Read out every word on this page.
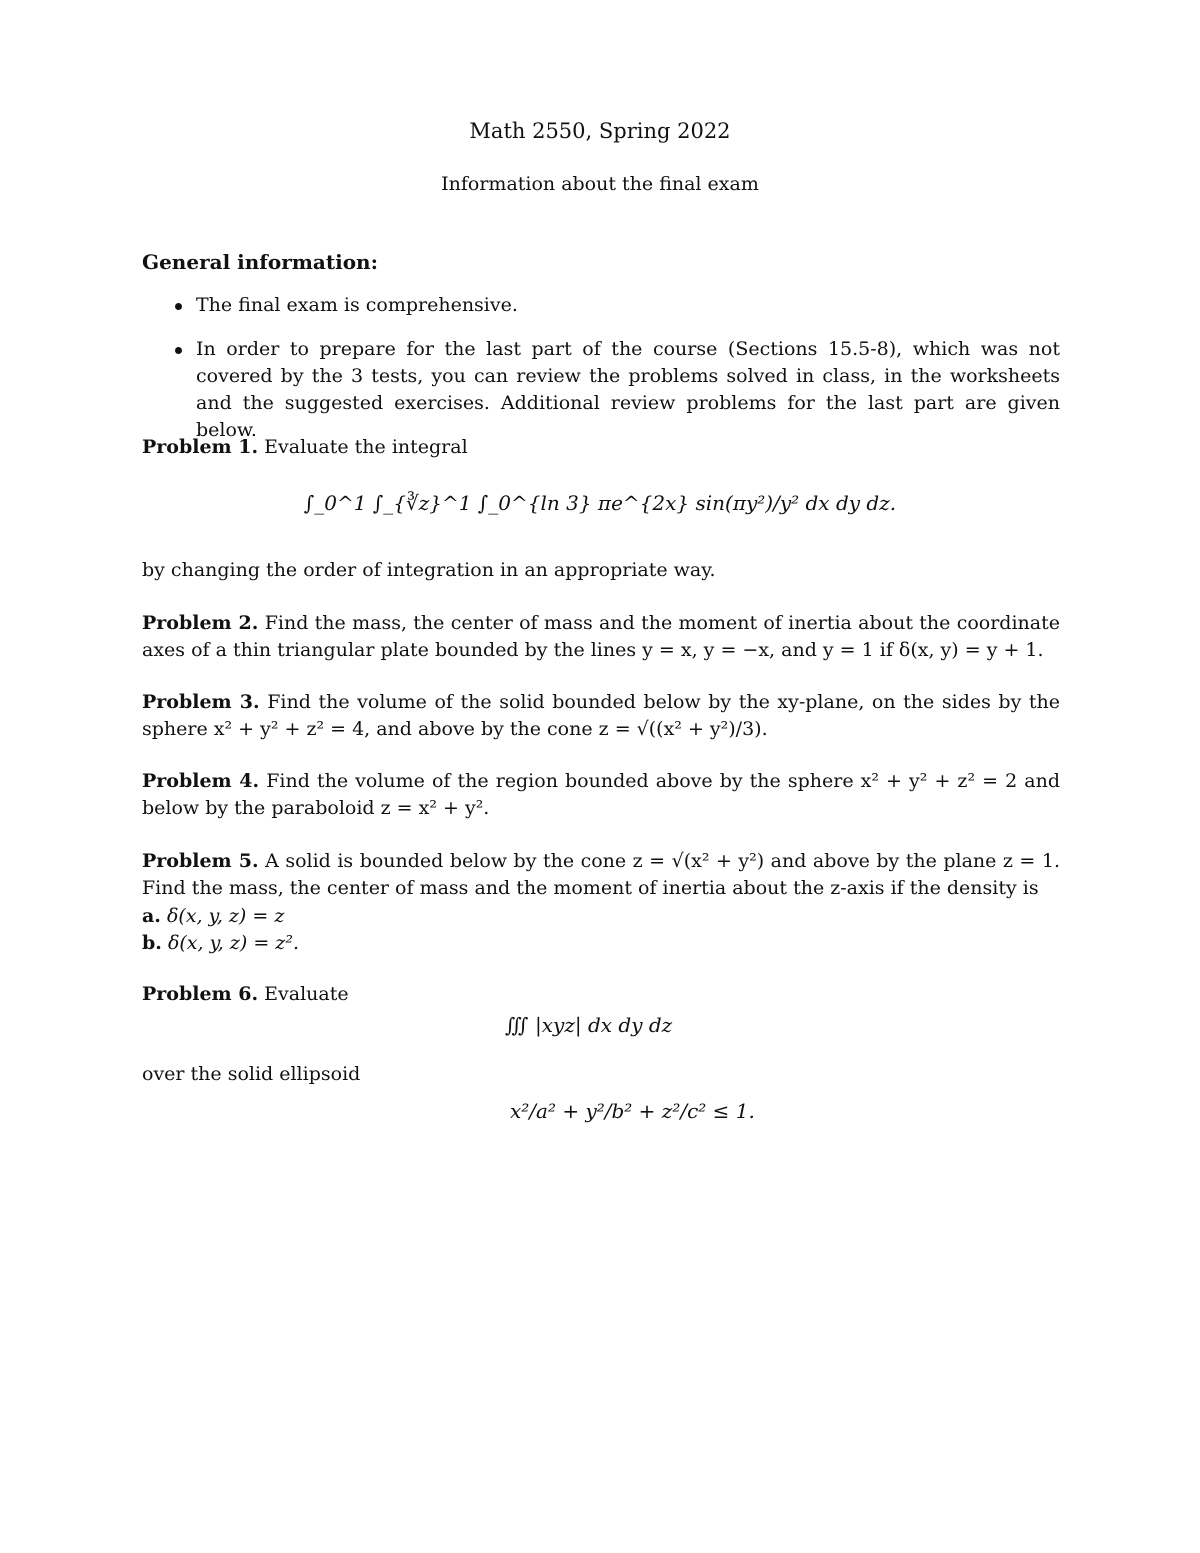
Math 2550, Spring 2022
Information about the final exam
General information:
The final exam is comprehensive.
In order to prepare for the last part of the course (Sections 15.5-8), which was not covered by the 3 tests, you can review the problems solved in class, in the worksheets and the suggested exercises. Additional review problems for the last part are given below.
Problem 1. Evaluate the integral
∫_0^1 ∫_{∛z}^1 ∫_0^{ln 3} πe^{2x} sin(πy²)/y² dx dy dz.
by changing the order of integration in an appropriate way.
Problem 2. Find the mass, the center of mass and the moment of inertia about the coordinate axes of a thin triangular plate bounded by the lines y = x, y = −x, and y = 1 if δ(x, y) = y + 1.
Problem 3. Find the volume of the solid bounded below by the xy-plane, on the sides by the sphere x² + y² + z² = 4, and above by the cone z = √((x² + y²)/3).
Problem 4. Find the volume of the region bounded above by the sphere x² + y² + z² = 2 and below by the paraboloid z = x² + y².
Problem 5. A solid is bounded below by the cone z = √(x² + y²) and above by the plane z = 1. Find the mass, the center of mass and the moment of inertia about the z-axis if the density is
a. δ(x, y, z) = z
b. δ(x, y, z) = z².
Problem 6. Evaluate
∭ |xyz| dx dy dz
over the solid ellipsoid
x²/a² + y²/b² + z²/c² ≤ 1.
